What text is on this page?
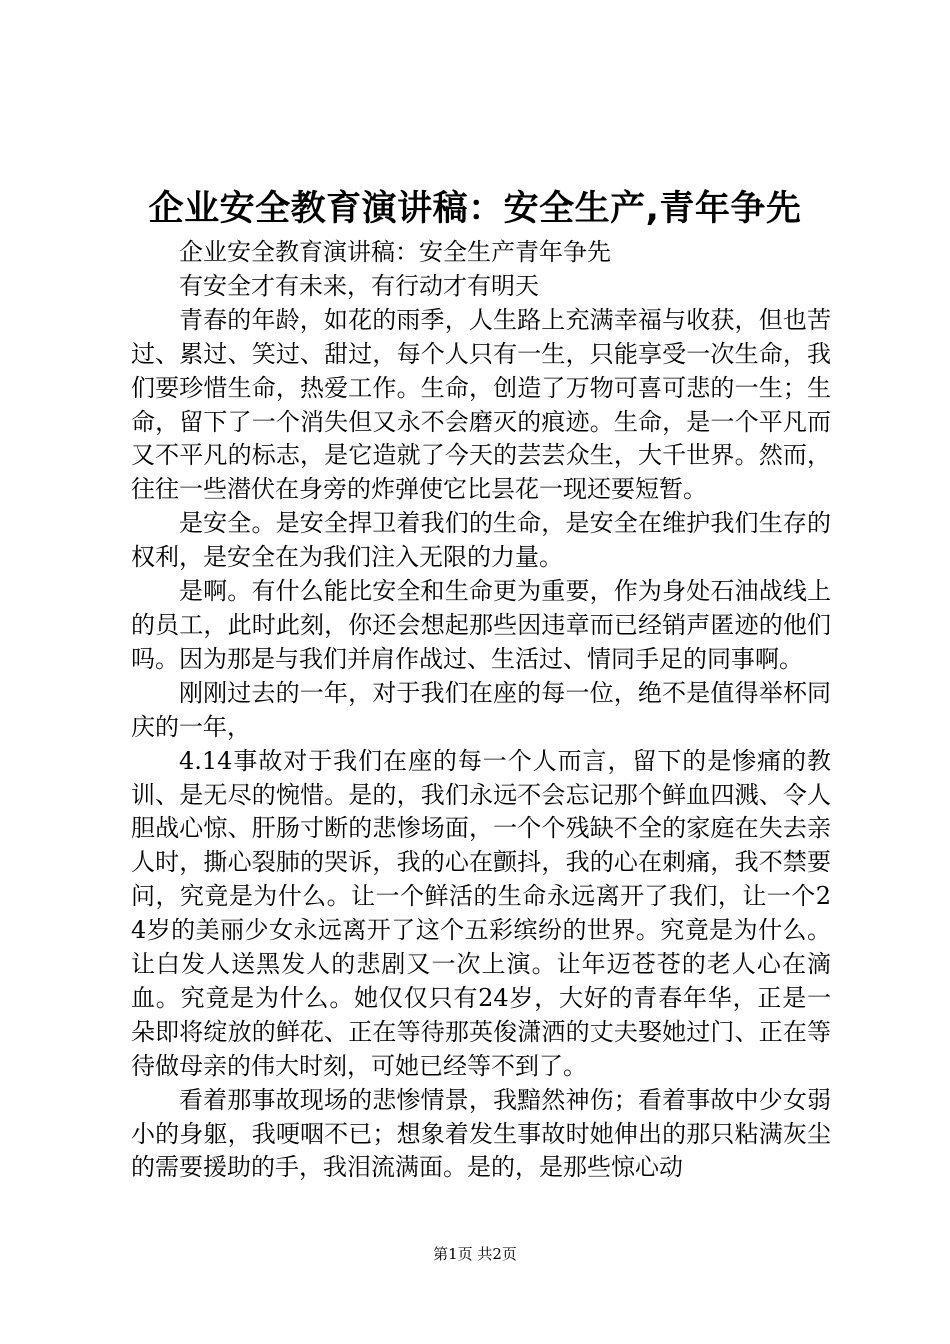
企业安全教育演讲稿：安全生产,青年争先

企业安全教育演讲稿：安全生产青年争先

有安全才有未来，有行动才有明天

青春的年龄，如花的雨季，人生路上充满幸福与收获，但也苦过、累过、笑过、甜过，每个人只有一生，只能享受一次生命，我们要珍惜生命，热爱工作。生命，创造了万物可喜可悲的一生；生命，留下了一个消失但又永不会磨灭的痕迹。生命，是一个平凡而又不平凡的标志，是它造就了今天的芸芸众生，大千世界。然而，往往一些潜伏在身旁的炸弹使它比昙花一现还要短暂。

是安全。是安全捍卫着我们的生命，是安全在维护我们生存的权利，是安全在为我们注入无限的力量。

是啊。有什么能比安全和生命更为重要，作为身处石油战线上的员工，此时此刻，你还会想起那些因违章而已经销声匿迹的他们吗。因为那是与我们并肩作战过、生活过、情同手足的同事啊。

刚刚过去的一年，对于我们在座的每一位，绝不是值得举杯同庆的一年，

4.14事故对于我们在座的每一个人而言，留下的是惨痛的教训、是无尽的惋惜。是的，我们永远不会忘记那个鲜血四溅、令人胆战心惊、肝肠寸断的悲惨场面，一个个残缺不全的家庭在失去亲人时，撕心裂肺的哭诉，我的心在颤抖，我的心在刺痛，我不禁要问，究竟是为什么。让一个鲜活的生命永远离开了我们，让一个24岁的美丽少女永远离开了这个五彩缤纷的世界。究竟是为什么。让白发人送黑发人的悲剧又一次上演。让年迈苍苍的老人心在滴血。究竟是为什么。她仅仅只有24岁，大好的青春年华，正是一朵即将绽放的鲜花、正在等待那英俊潇洒的丈夫娶她过门、正在等待做母亲的伟大时刻，可她已经等不到了。

看着那事故现场的悲惨情景，我黯然神伤；看着事故中少女弱小的身躯，我哽咽不已；想象着发生事故时她伸出的那只粘满灰尘的需要援助的手，我泪流满面。是的，是那些惊心动

第1页 共2页
